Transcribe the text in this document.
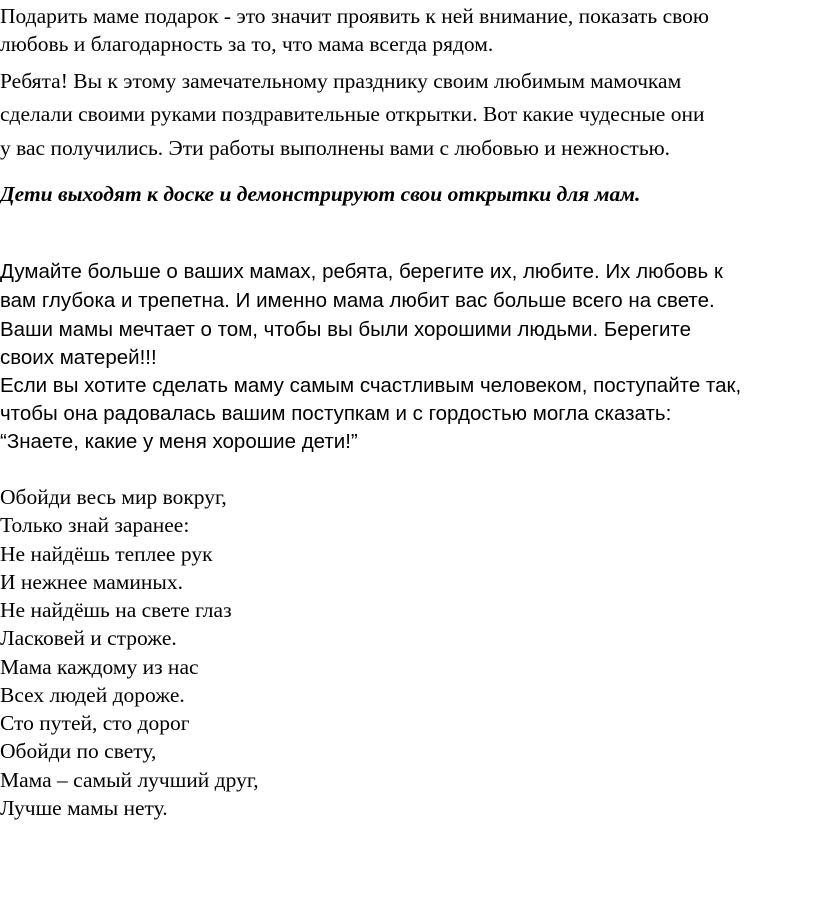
Подарить маме подарок - это значит проявить к ней внимание, показать свою

любовь и благодарность за то, что мама всегда рядом.

Ребята! Вы к этому замечательному празднику своим любимым мамочкам

сделали своими руками поздравительные открытки. Вот какие чудесные они

у вас получились. Эти работы выполнены вами с любовью и нежностью.

Дети выходят к доске и демонстрируют свои открытки для мам.

Думайте больше о ваших мамах, ребята, берегите их, любите. Их любовь к

вам глубока и трепетна. И именно мама любит вас больше всего на свете.

Ваши мамы мечтает о том, чтобы вы были хорошими людьми. Берегите

своих матерей!!!

Если вы хотите сделать маму самым счастливым человеком, поступайте так,

чтобы она радовалась вашим поступкам и с гордостью могла сказать:

“Знаете, какие у меня хорошие дети!”

Обойди весь мир вокруг,

Только знай заранее:

Не найдёшь теплее рук

И нежнее маминых.

Не найдёшь на свете глаз

Ласковей и строже.

Мама каждому из нас

Всех людей дороже.

Сто путей, сто дорог

Обойди по свету,

Мама – самый лучший друг,

Лучше мамы нету.
